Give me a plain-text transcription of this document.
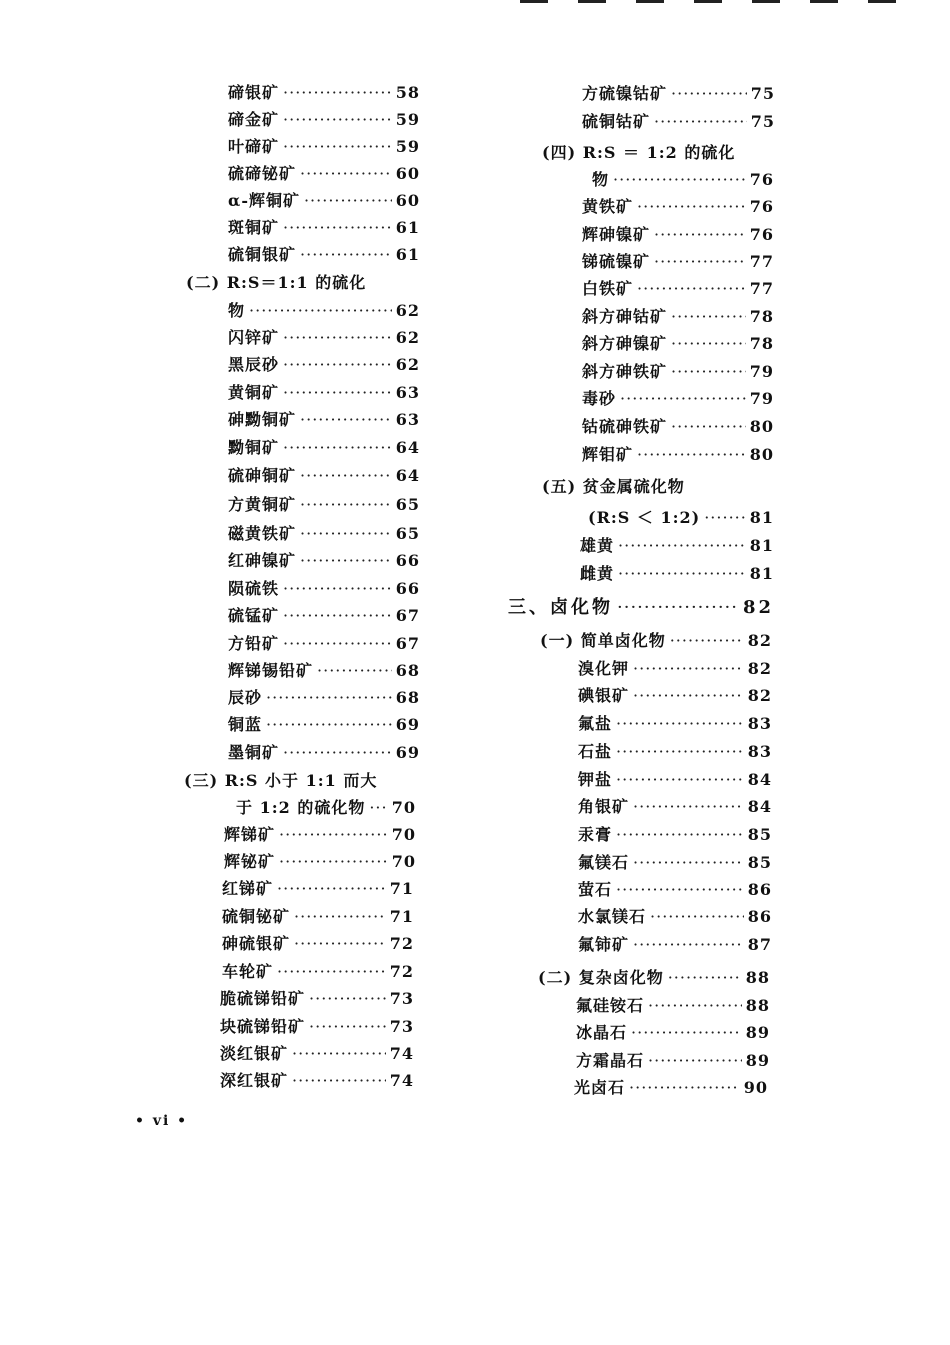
碲银矿 ·····	58
碲金矿 ·····	59
叶碲矿 ·····	59
硫碲铋矿 ·····	60
α-辉铜矿 ·····	60
斑铜矿 ·····	61
硫铜银矿 ·····	61
(二) R:S＝1:1 的硫化
物 ·····	62
闪锌矿 ·····	62
黑辰砂 ·····	62
黄铜矿 ·····	63
砷黝铜矿 ·····	63
黝铜矿 ·····	64
硫砷铜矿 ·····	64
方黄铜矿 ·····	65
磁黄铁矿 ·····	65
红砷镍矿 ·····	66
陨硫铁 ·····	66
硫锰矿 ·····	67
方铅矿 ·····	67
辉锑锡铅矿 ·····	68
辰砂 ·····	68
铜蓝 ·····	69
墨铜矿 ·····	69
(三) R:S 小于 1:1 而大
于 1:2 的硫化物 ····· 70
辉锑矿 ·····	70
辉铋矿 ·····	70
红锑矿 ·····	71
硫铜铋矿 ·····	71
砷硫银矿 ·····	72
车轮矿 ·····	72
脆硫锑铅矿 ·····	73
块硫锑铅矿 ·····	73
淡红银矿 ·····	74
深红银矿 ·····	74
方硫镍钴矿 ·····	75
硫铜钴矿 ·····	75
(四) R:S ＝ 1:2 的硫化
物 ·····	76
黄铁矿 ·····	76
辉砷镍矿 ·····	76
锑硫镍矿 ·····	77
白铁矿 ·····	77
斜方砷钴矿 ·····	78
斜方砷镍矿 ·····	78
斜方砷铁矿 ·····	79
毒砂 ·····	79
钴硫砷铁矿 ·····	80
辉钼矿 ·····	80
(五) 贫金属硫化物
(R:S ＜ 1:2) ·····	81
雄黄 ·····	81
雌黄 ·····	81
三、卤化物 ·····	82
(一) 简单卤化物 ·····	82
溴化钾 ·····	82
碘银矿 ·····	82
氟盐 ·····	83
石盐 ·····	83
钾盐 ·····	84
角银矿 ·····	84
汞膏 ·····	85
氟镁石 ·····	85
萤石 ·····	86
水氯镁石 ·····	86
氟铈矿 ·····	87
(二) 复杂卤化物 ·····	88
氟硅铵石 ·····	88
冰晶石 ·····	89
方霜晶石 ·····	89
光卤石 ·····	90
• vi •
